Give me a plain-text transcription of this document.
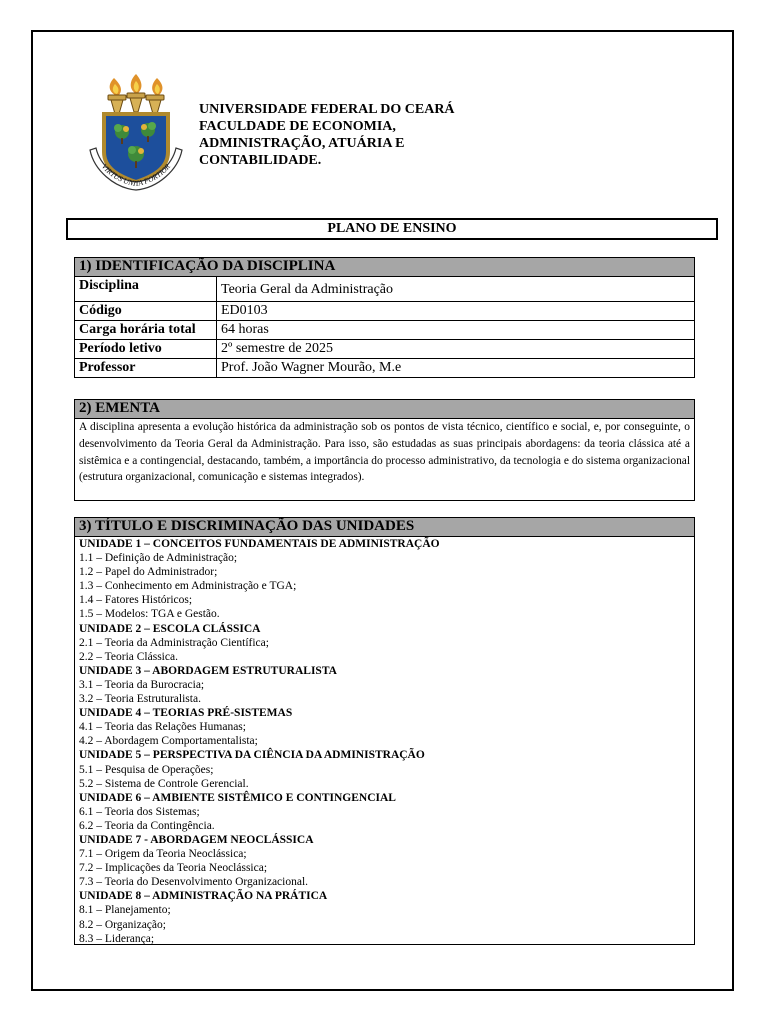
VIRTUS UNITA FORTIOR
UNIVERSIDADE FEDERAL DO CEARÁ
FACULDADE DE ECONOMIA,
ADMINISTRAÇÃO, ATUÁRIA E
CONTABILIDADE.
PLANO DE ENSINO
1) IDENTIFICAÇÃO DA DISCIPLINA	
Disciplina	Teoria Geral da Administração
Código	ED0103
Carga horária total	64 horas
Período letivo	2º semestre de 2025
Professor	Prof. João Wagner Mourão, M.e
2) EMENTA
A disciplina apresenta a evolução histórica da administração sob os pontos de vista técnico, científico e social, e, por conseguinte, o desenvolvimento da Teoria Geral da Administração. Para isso, são estudadas as suas principais abordagens: da teoria clássica até a sistêmica e a contingencial, destacando, também, a importância do processo administrativo, da tecnologia e do sistema organizacional (estrutura organizacional, comunicação e sistemas integrados).
3) TÍTULO E DISCRIMINAÇÃO DAS UNIDADES
UNIDADE 1 – CONCEITOS FUNDAMENTAIS DE ADMINISTRAÇÃO
1.1 – Definição de Administração;
1.2 – Papel do Administrador;
1.3 – Conhecimento em Administração e TGA;
1.4 – Fatores Históricos;
1.5 – Modelos: TGA e Gestão.
UNIDADE 2 – ESCOLA CLÁSSICA
2.1 – Teoria da Administração Científica;
2.2 – Teoria Clássica.
UNIDADE 3 – ABORDAGEM ESTRUTURALISTA
3.1 – Teoria da Burocracia;
3.2 – Teoria Estruturalista.
UNIDADE 4 – TEORIAS PRÉ-SISTEMAS
4.1 – Teoria das Relações Humanas;
4.2 – Abordagem Comportamentalista;
UNIDADE 5 – PERSPECTIVA DA CIÊNCIA DA ADMINISTRAÇÃO
5.1 – Pesquisa de Operações;
5.2 – Sistema de Controle Gerencial.
UNIDADE 6 – AMBIENTE SISTÊMICO E CONTINGENCIAL
6.1 – Teoria dos Sistemas;
6.2 – Teoria da Contingência.
UNIDADE 7 - ABORDAGEM NEOCLÁSSICA
7.1 – Origem da Teoria Neoclássica;
7.2 – Implicações da Teoria Neoclássica;
7.3 – Teoria do Desenvolvimento Organizacional.
UNIDADE 8 – ADMINISTRAÇÃO NA PRÁTICA
8.1 – Planejamento;
8.2 – Organização;
8.3 – Liderança;
